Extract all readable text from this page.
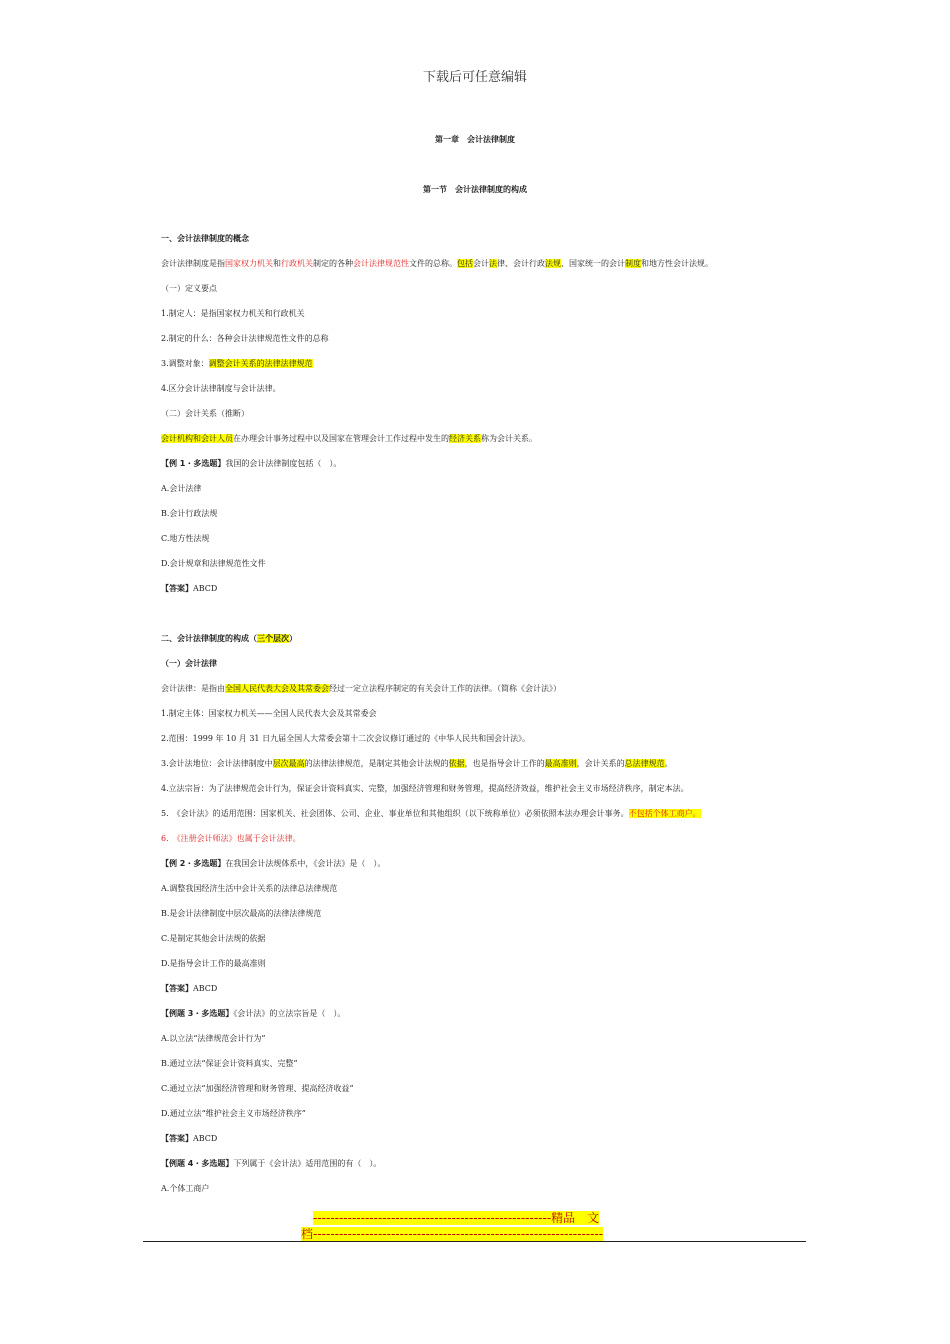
下载后可任意编辑
第一章　会计法律制度
第一节　会计法律制度的构成
一、会计法律制度的概念
会计法律制度是指国家权力机关和行政机关制定的各种会计法律规范性文件的总称。包括会计法律、会计行政法规、国家统一的会计制度和地方性会计法规。
（一）定义要点
1.制定人：是指国家权力机关和行政机关
2.制定的什么：各种会计法律规范性文件的总称
3.调整对象：调整会计关系的法律法律规范
4.区分会计法律制度与会计法律。
（二）会计关系（推断）
会计机构和会计人员在办理会计事务过程中以及国家在管理会计工作过程中发生的经济关系称为会计关系。
【例 1・多选题】我国的会计法律制度包括（　）。
A.会计法律
B.会计行政法规
C.地方性法规
D.会计规章和法律规范性文件
【答案】ABCD
二、会计法律制度的构成（三个层次）
（一）会计法律
会计法律：是指由全国人民代表大会及其常委会经过一定立法程序制定的有关会计工作的法律。（简称《会计法》）
1.制定主体：国家权力机关——全国人民代表大会及其常委会
2.范围：1999 年 10 月 31 日九届全国人大常委会第十二次会议修订通过的《中华人民共和国会计法》。
3.会计法地位：会计法律制度中层次最高的法律法律规范，是制定其他会计法规的依据，也是指导会计工作的最高准则，会计关系的总法律规范。
4.立法宗旨：为了法律规范会计行为，保证会计资料真实、完整，加强经济管理和财务管理，提高经济效益，维护社会主义市场经济秩序，制定本法。
5.　《会计法》的适用范围：国家机关、社会团体、公司、企业、事业单位和其他组织（以下统称单位）必须依照本法办理会计事务。不包括个体工商户。
6.　《注册会计师法》也属于会计法律。
【例 2・多选题】在我国会计法规体系中，《会计法》是（　）。
A.调整我国经济生活中会计关系的法律总法律规范
B.是会计法律制度中层次最高的法律法律规范
C.是制定其他会计法规的依据
D.是指导会计工作的最高准则
【答案】ABCD
【例题 3・多选题】《会计法》的立法宗旨是（　）。
A.以立法“法律规范会计行为”
B.通过立法“保证会计资料真实、完整”
C.通过立法“加强经济管理和财务管理、提高经济收益”
D.通过立法“维护社会主义市场经济秩序”
【答案】ABCD
【例题 4・多选题】下列属于《会计法》适用范围的有（　）。
A.个体工商户
-------------------------------------------------------精品　文
档-------------------------------------------------------------------
